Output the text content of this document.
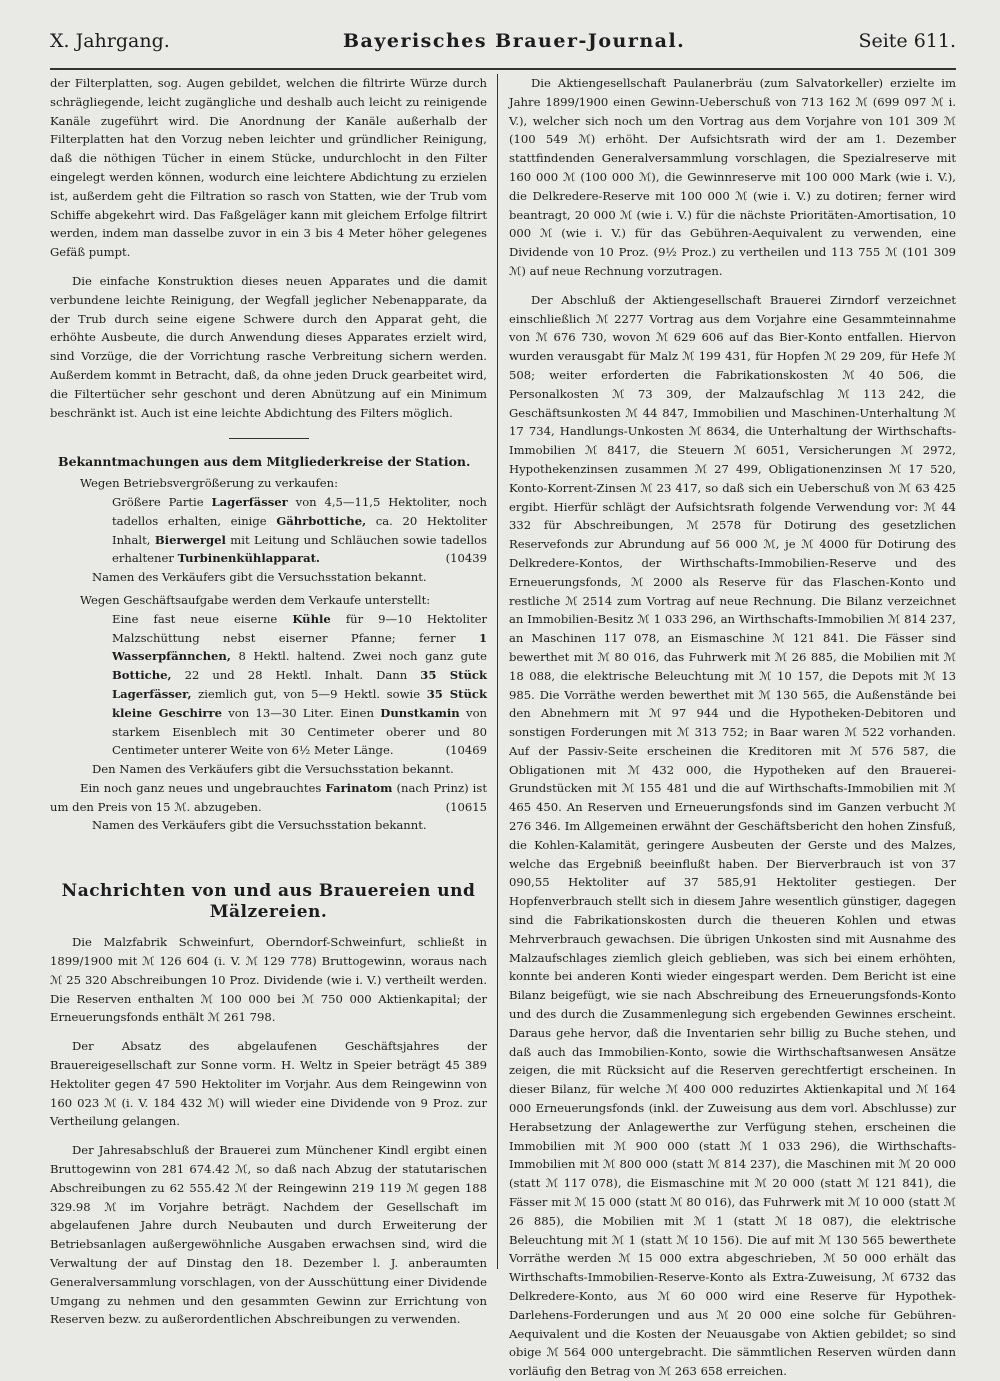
X. Jahrgang.	Bayerisches Brauer-Journal.	Seite 611.

der Filterplatten, sog. Augen gebildet, welchen die filtrirte Würze durch schrägliegende, leicht zugängliche und deshalb auch leicht zu reinigende Kanäle zugeführt wird. Die Anordnung der Kanäle außerhalb der Filterplatten hat den Vorzug neben leichter und gründlicher Reinigung, daß die nöthigen Tücher in einem Stücke, undurchlocht in den Filter eingelegt werden können, wodurch eine leichtere Abdichtung zu erzielen ist, außerdem geht die Filtration so rasch von Statten, wie der Trub vom Schiffe abgekehrt wird. Das Faßgeläger kann mit gleichem Erfolge filtrirt werden, indem man dasselbe zuvor in ein 3 bis 4 Meter höher gelegenes Gefäß pumpt.

Die einfache Konstruktion dieses neuen Apparates und die damit verbundene leichte Reinigung, der Wegfall jeglicher Nebenapparate, da der Trub durch seine eigene Schwere durch den Apparat geht, die erhöhte Ausbeute, die durch Anwendung dieses Apparates erzielt wird, sind Vorzüge, die der Vorrichtung rasche Verbreitung sichern werden. Außerdem kommt in Betracht, daß, da ohne jeden Druck gearbeitet wird, die Filtertücher sehr geschont und deren Abnützung auf ein Minimum beschränkt ist. Auch ist eine leichte Abdichtung des Filters möglich.

Bekanntmachungen aus dem Mitgliederkreise der Station.

Wegen Betriebsvergrößerung zu verkaufen:

Größere Partie Lagerfässer von 4,5—11,5 Hektoliter, noch tadellos erhalten, einige Gährbottiche, ca. 20 Hektoliter Inhalt, Bierwergel mit Leitung und Schläuchen sowie tadellos erhaltener Turbinenkühlapparat.	(10439

Namen des Verkäufers gibt die Versuchsstation bekannt.

Wegen Geschäftsaufgabe werden dem Verkaufe unterstellt:

Eine fast neue eiserne Kühle für 9—10 Hektoliter Malzschüttung nebst eiserner Pfanne; ferner 1 Wasserpfännchen, 8 Hektl. haltend. Zwei noch ganz gute Bottiche, 22 und 28 Hektl. Inhalt. Dann 35 Stück Lagerfässer, ziemlich gut, von 5—9 Hektl. sowie 35 Stück kleine Geschirre von 13—30 Liter. Einen Dunstkamin von starkem Eisenblech mit 30 Centimeter oberer und 80 Centimeter unterer Weite von 6½ Meter Länge.	(10469

Den Namen des Verkäufers gibt die Versuchsstation bekannt.

Ein noch ganz neues und ungebrauchtes Farinatom (nach Prinz) ist um den Preis von 15 ℳ. abzugeben.	(10615

Namen des Verkäufers gibt die Versuchsstation bekannt.

Nachrichten von und aus Brauereien und Mälzereien.

Die Malzfabrik Schweinfurt, Oberndorf-Schweinfurt, schließt in 1899/1900 mit ℳ 126 604 (i. V. ℳ 129 778) Bruttogewinn, woraus nach ℳ 25 320 Abschreibungen 10 Proz. Dividende (wie i. V.) vertheilt werden. Die Reserven enthalten ℳ 100 000 bei ℳ 750 000 Aktienkapital; der Erneuerungsfonds enthält ℳ 261 798.

Der Absatz des abgelaufenen Geschäftsjahres der Brauereigesellschaft zur Sonne vorm. H. Weltz in Speier beträgt 45 389 Hektoliter gegen 47 590 Hektoliter im Vorjahr. Aus dem Reingewinn von 160 023 ℳ (i. V. 184 432 ℳ) will wieder eine Dividende von 9 Proz. zur Vertheilung gelangen.

Der Jahresabschluß der Brauerei zum Münchener Kindl ergibt einen Bruttogewinn von 281 674.42 ℳ, so daß nach Abzug der statutarischen Abschreibungen zu 62 555.42 ℳ der Reingewinn 219 119 ℳ gegen 188 329.98 ℳ im Vorjahre beträgt. Nachdem der Gesellschaft im abgelaufenen Jahre durch Neubauten und durch Erweiterung der Betriebsanlagen außergewöhnliche Ausgaben erwachsen sind, wird die Verwaltung der auf Dinstag den 18. Dezember l. J. anberaumten Generalversammlung vorschlagen, von der Ausschüttung einer Dividende Umgang zu nehmen und den gesammten Gewinn zur Errichtung von Reserven bezw. zu außerordentlichen Abschreibungen zu verwenden.

Die Aktiengesellschaft Paulanerbräu (zum Salvatorkeller) erzielte im Jahre 1899/1900 einen Gewinn-Ueberschuß von 713 162 ℳ (699 097 ℳ i. V.), welcher sich noch um den Vortrag aus dem Vorjahre von 101 309 ℳ (100 549 ℳ) erhöht. Der Aufsichtsrath wird der am 1. Dezember stattfindenden Generalversammlung vorschlagen, die Spezialreserve mit 160 000 ℳ (100 000 ℳ), die Gewinnreserve mit 100 000 Mark (wie i. V.), die Delkredere-Reserve mit 100 000 ℳ (wie i. V.) zu dotiren; ferner wird beantragt, 20 000 ℳ (wie i. V.) für die nächste Prioritäten-Amortisation, 10 000 ℳ (wie i. V.) für das Gebühren-Aequivalent zu verwenden, eine Dividende von 10 Proz. (9½ Proz.) zu vertheilen und 113 755 ℳ (101 309 ℳ) auf neue Rechnung vorzutragen.

Der Abschluß der Aktiengesellschaft Brauerei Zirndorf verzeichnet einschließlich ℳ 2277 Vortrag aus dem Vorjahre eine Gesammteinnahme von ℳ 676 730, wovon ℳ 629 606 auf das Bier-Konto entfallen. Hiervon wurden verausgabt für Malz ℳ 199 431, für Hopfen ℳ 29 209, für Hefe ℳ 508; weiter erforderten die Fabrikationskosten ℳ 40 506, die Personalkosten ℳ 73 309, der Malzaufschlag ℳ 113 242, die Geschäftsunkosten ℳ 44 847, Immobilien und Maschinen-Unterhaltung ℳ 17 734, Handlungs-Unkosten ℳ 8634, die Unterhaltung der Wirthschafts-Immobilien ℳ 8417, die Steuern ℳ 6051, Versicherungen ℳ 2972, Hypothekenzinsen zusammen ℳ 27 499, Obligationenzinsen ℳ 17 520, Konto-Korrent-Zinsen ℳ 23 417, so daß sich ein Ueberschuß von ℳ 63 425 ergibt. Hierfür schlägt der Aufsichtsrath folgende Verwendung vor: ℳ 44 332 für Abschreibungen, ℳ 2578 für Dotirung des gesetzlichen Reservefonds zur Abrundung auf 56 000 ℳ, je ℳ 4000 für Dotirung des Delkredere-Kontos, der Wirthschafts-Immobilien-Reserve und des Erneuerungsfonds, ℳ 2000 als Reserve für das Flaschen-Konto und restliche ℳ 2514 zum Vortrag auf neue Rechnung. Die Bilanz verzeichnet an Immobilien-Besitz ℳ 1 033 296, an Wirthschafts-Immobilien ℳ 814 237, an Maschinen 117 078, an Eismaschine ℳ 121 841. Die Fässer sind bewerthet mit ℳ 80 016, das Fuhrwerk mit ℳ 26 885, die Mobilien mit ℳ 18 088, die elektrische Beleuchtung mit ℳ 10 157, die Depots mit ℳ 13 985. Die Vorräthe werden bewerthet mit ℳ 130 565, die Außenstände bei den Abnehmern mit ℳ 97 944 und die Hypotheken-Debitoren und sonstigen Forderungen mit ℳ 313 752; in Baar waren ℳ 522 vorhanden. Auf der Passiv-Seite erscheinen die Kreditoren mit ℳ 576 587, die Obligationen mit ℳ 432 000, die Hypotheken auf den Brauerei-Grundstücken mit ℳ 155 481 und die auf Wirthschafts-Immobilien mit ℳ 465 450. An Reserven und Erneuerungsfonds sind im Ganzen verbucht ℳ 276 346. Im Allgemeinen erwähnt der Geschäftsbericht den hohen Zinsfuß, die Kohlen-Kalamität, geringere Ausbeuten der Gerste und des Malzes, welche das Ergebniß beeinflußt haben. Der Bierverbrauch ist von 37 090,55 Hektoliter auf 37 585,91 Hektoliter gestiegen. Der Hopfenverbrauch stellt sich in diesem Jahre wesentlich günstiger, dagegen sind die Fabrikationskosten durch die theueren Kohlen und etwas Mehrverbrauch gewachsen. Die übrigen Unkosten sind mit Ausnahme des Malzaufschlages ziemlich gleich geblieben, was sich bei einem erhöhten, konnte bei anderen Konti wieder eingespart werden. Dem Bericht ist eine Bilanz beigefügt, wie sie nach Abschreibung des Erneuerungsfonds-Konto und des durch die Zusammenlegung sich ergebenden Gewinnes erscheint. Daraus gehe hervor, daß die Inventarien sehr billig zu Buche stehen, und daß auch das Immobilien-Konto, sowie die Wirthschaftsanwesen Ansätze zeigen, die mit Rücksicht auf die Reserven gerechtfertigt erscheinen. In dieser Bilanz, für welche ℳ 400 000 reduzirtes Aktienkapital und ℳ 164 000 Erneuerungsfonds (inkl. der Zuweisung aus dem vorl. Abschlusse) zur Herabsetzung der Anlagewerthe zur Verfügung stehen, erscheinen die Immobilien mit ℳ 900 000 (statt ℳ 1 033 296), die Wirthschafts-Immobilien mit ℳ 800 000 (statt ℳ 814 237), die Maschinen mit ℳ 20 000 (statt ℳ 117 078), die Eismaschine mit ℳ 20 000 (statt ℳ 121 841), die Fässer mit ℳ 15 000 (statt ℳ 80 016), das Fuhrwerk mit ℳ 10 000 (statt ℳ 26 885), die Mobilien mit ℳ 1 (statt ℳ 18 087), die elektrische Beleuchtung mit ℳ 1 (statt ℳ 10 156). Die auf mit ℳ 130 565 bewerthete Vorräthe werden ℳ 15 000 extra abgeschrieben, ℳ 50 000 erhält das Wirthschafts-Immobilien-Reserve-Konto als Extra-Zuweisung, ℳ 6732 das Delkredere-Konto, aus ℳ 60 000 wird eine Reserve für Hypothek-Darlehens-Forderungen und aus ℳ 20 000 eine solche für Gebühren-Aequivalent und die Kosten der Neuausgabe von Aktien gebildet; so sind obige ℳ 564 000 untergebracht. Die sämmtlichen Reserven würden dann vorläufig den Betrag von ℳ 263 658 erreichen.
